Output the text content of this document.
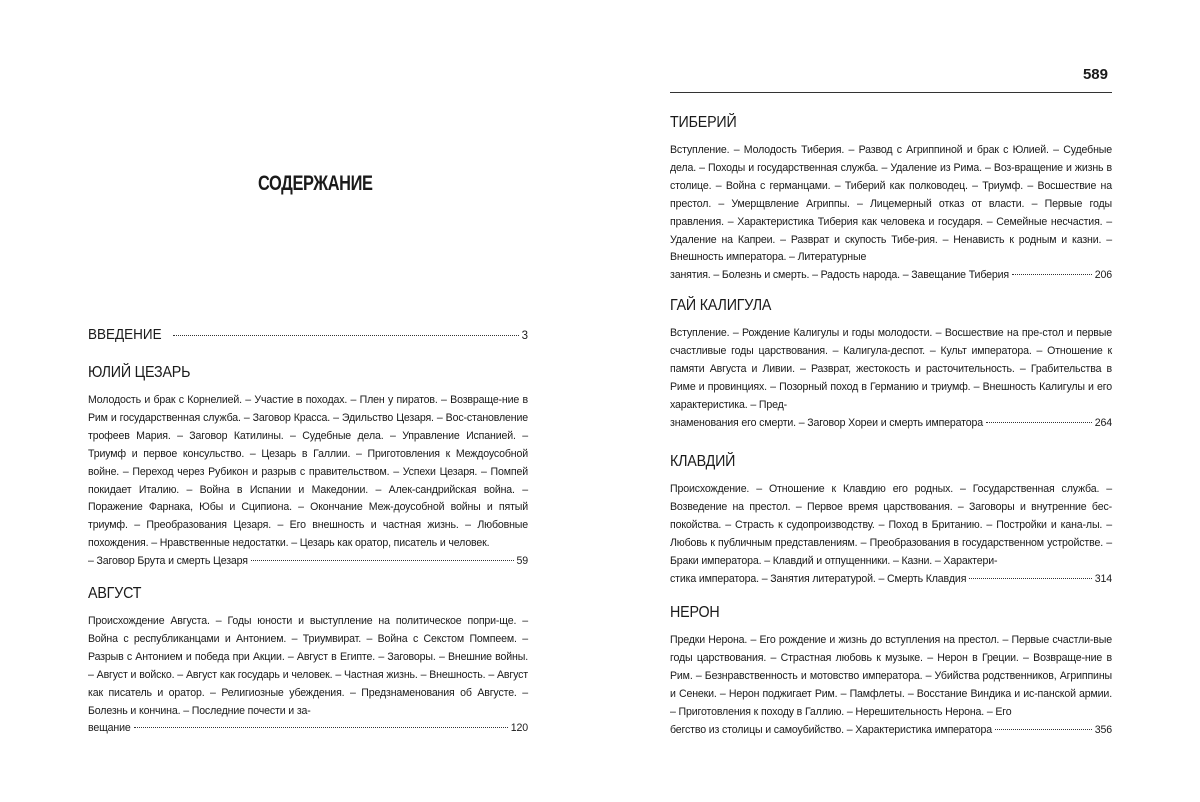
СОДЕРЖАНИЕ
ВВЕДЕНИЕ	3
ЮЛИЙ ЦЕЗАРЬ
Молодость и брак с Корнелией. – Участие в походах. – Плен у пиратов. – Возвраще-ние в Рим и государственная служба. – Заговор Красса. – Эдильство Цезаря. – Вос-становление трофеев Мария. – Заговор Катилины. – Судебные дела. – Управление Испанией. – Триумф и первое консульство. – Цезарь в Галлии. – Приготовления к Междоусобной войне. – Переход через Рубикон и разрыв с правительством. – Успехи Цезаря. – Помпей покидает Италию. – Война в Испании и Македонии. – Алек-сандрийская война. – Поражение Фарнака, Юбы и Сципиона. – Окончание Меж-доусобной войны и пятый триумф. – Преобразования Цезаря. – Его внешность и частная жизнь. – Любовные похождения. – Нравственные недостатки. – Цезарь как оратор, писатель и человек.
– Заговор Брута и смерть Цезаря	59
АВГУСТ
Происхождение Августа. – Годы юности и выступление на политическое попри-ще. – Война с республиканцами и Антонием. – Триумвират. – Война с Секстом Помпеем. – Разрыв с Антонием и победа при Акции. – Август в Египте. – Заговоры. – Внешние войны. – Август и войско. – Август как государь и человек. – Частная жизнь. – Внешность. – Август как писатель и оратор. – Религиозные убеждения. – Предзнаменования об Августе. – Болезнь и кончина. – Последние почести и за-
вещание	120
589
ТИБЕРИЙ
Вступление. – Молодость Тиберия. – Развод с Агриппиной и брак с Юлией. – Судебные дела. – Походы и государственная служба. – Удаление из Рима. – Воз-вращение и жизнь в столице. – Война с германцами. – Тиберий как полководец. – Триумф. – Восшествие на престол. – Умерщвление Агриппы. – Лицемерный отказ от власти. – Первые годы правления. – Характеристика Тиберия как человека и государя. – Семейные несчастия. – Удаление на Капреи. – Разврат и скупость Тибе-рия. – Ненависть к родным и казни. – Внешность императора. – Литературные
занятия. – Болезнь и смерть. – Радость народа. – Завещание Тиберия	206
ГАЙ КАЛИГУЛА
Вступление. – Рождение Калигулы и годы молодости. – Восшествие на пре-стол и первые счастливые годы царствования. – Калигула-деспот. – Культ императора. – Отношение к памяти Августа и Ливии. – Разврат, жестокость и расточительность. – Грабительства в Риме и провинциях. – Позорный поход в Германию и триумф. – Внешность Калигулы и его характеристика. – Пред-
знаменования его смерти. – Заговор Хореи и смерть императора	264
КЛАВДИЙ
Происхождение. – Отношение к Клавдию его родных. – Государственная служба. – Возведение на престол. – Первое время царствования. – Заговоры и внутренние бес-покойства. – Страсть к судопроизводству. – Поход в Британию. – Постройки и кана-лы. – Любовь к публичным представлениям. – Преобразования в государственном устройстве. – Браки императора. – Клавдий и отпущенники. – Казни. – Характери-
стика императора. – Занятия литературой. – Смерть Клавдия	314
НЕРОН
Предки Нерона. – Его рождение и жизнь до вступления на престол. – Первые счастли-вые годы царствования. – Страстная любовь к музыке. – Нерон в Греции. – Возвраще-ние в Рим. – Безнравственность и мотовство императора. – Убийства родственников, Агриппины и Сенеки. – Нерон поджигает Рим. – Памфлеты. – Восстание Виндика и ис-панской армии. – Приготовления к походу в Галлию. – Нерешительность Нерона. – Его
бегство из столицы и самоубийство. – Характеристика императора	356
